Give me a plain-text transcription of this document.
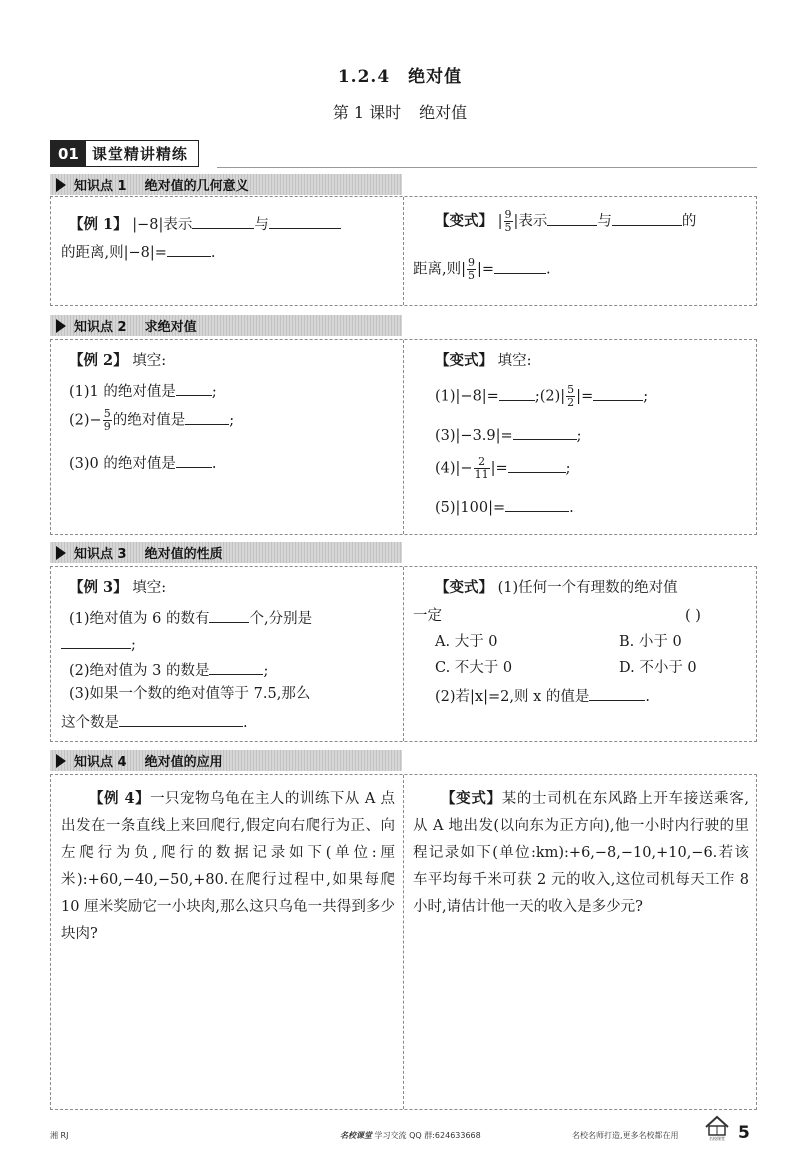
1.2.4 绝对值
第 1 课时 绝对值
01 课堂精讲精练
知识点 1 绝对值的几何意义
【例 1】 |−8|表示	与
的距离,则|−8|=	.
【变式】 | $\frac{9}{5}$ |表示	与	的
距离,则| $\frac{9}{5}$ |=	.
知识点 2 求绝对值
【例 2】 填空:
(1)1 的绝对值是 ;
$(2)- \frac{5}{9}$ 的绝对值是	;
(3)0 的绝对值是 .
【变式】 填空:
(1)|−8|= ;(2)| $\frac{5}{2}$ |=	;
(3)|−3.9|=	;
$(4)|- \frac{2}{11}$ |=	;
(5)|100|=	.
知识点 3 绝对值的性质
【例 3】 填空:
(1)绝对值为 6 的数有	个,分别是
;
(2)绝对值为 3 的数是	;
(3)如果一个数的绝对值等于 7.5,那么
这个数是	.
【变式】 (1)任何一个有理数的绝对值
一定	( )
A. 大于 0	B. 小于 0
C. 不大于 0	D. 不小于 0
(2)若|x|=2,则 x 的值是	.
知识点 4 绝对值的应用
【例 4】一只宠物乌龟在主人的训练下从 A 点出发在一条直线上来回爬行,假定向右爬行为正、向左爬行为负,爬行的数据记录如下(单位:厘米):+60,−40,−50,+80.在爬行过程中,如果每爬 10 厘米奖励它一小块肉,那么这只乌龟一共得到多少块肉?
【变式】某的士司机在东风路上开车接送乘客,从 A 地出发(以向东为正方向),他一小时内行驶的里程记录如下(单位:km):+6,−8,−10,+10,−6.若该车平均每千米可获 2 元的收入,这位司机每天工作 8 小时,请估计他一天的收入是多少元?
湘 RJ	名校课堂 学习交流 QQ 群:624633668	名校名师打造,更多名校都在用	名校课堂 5
